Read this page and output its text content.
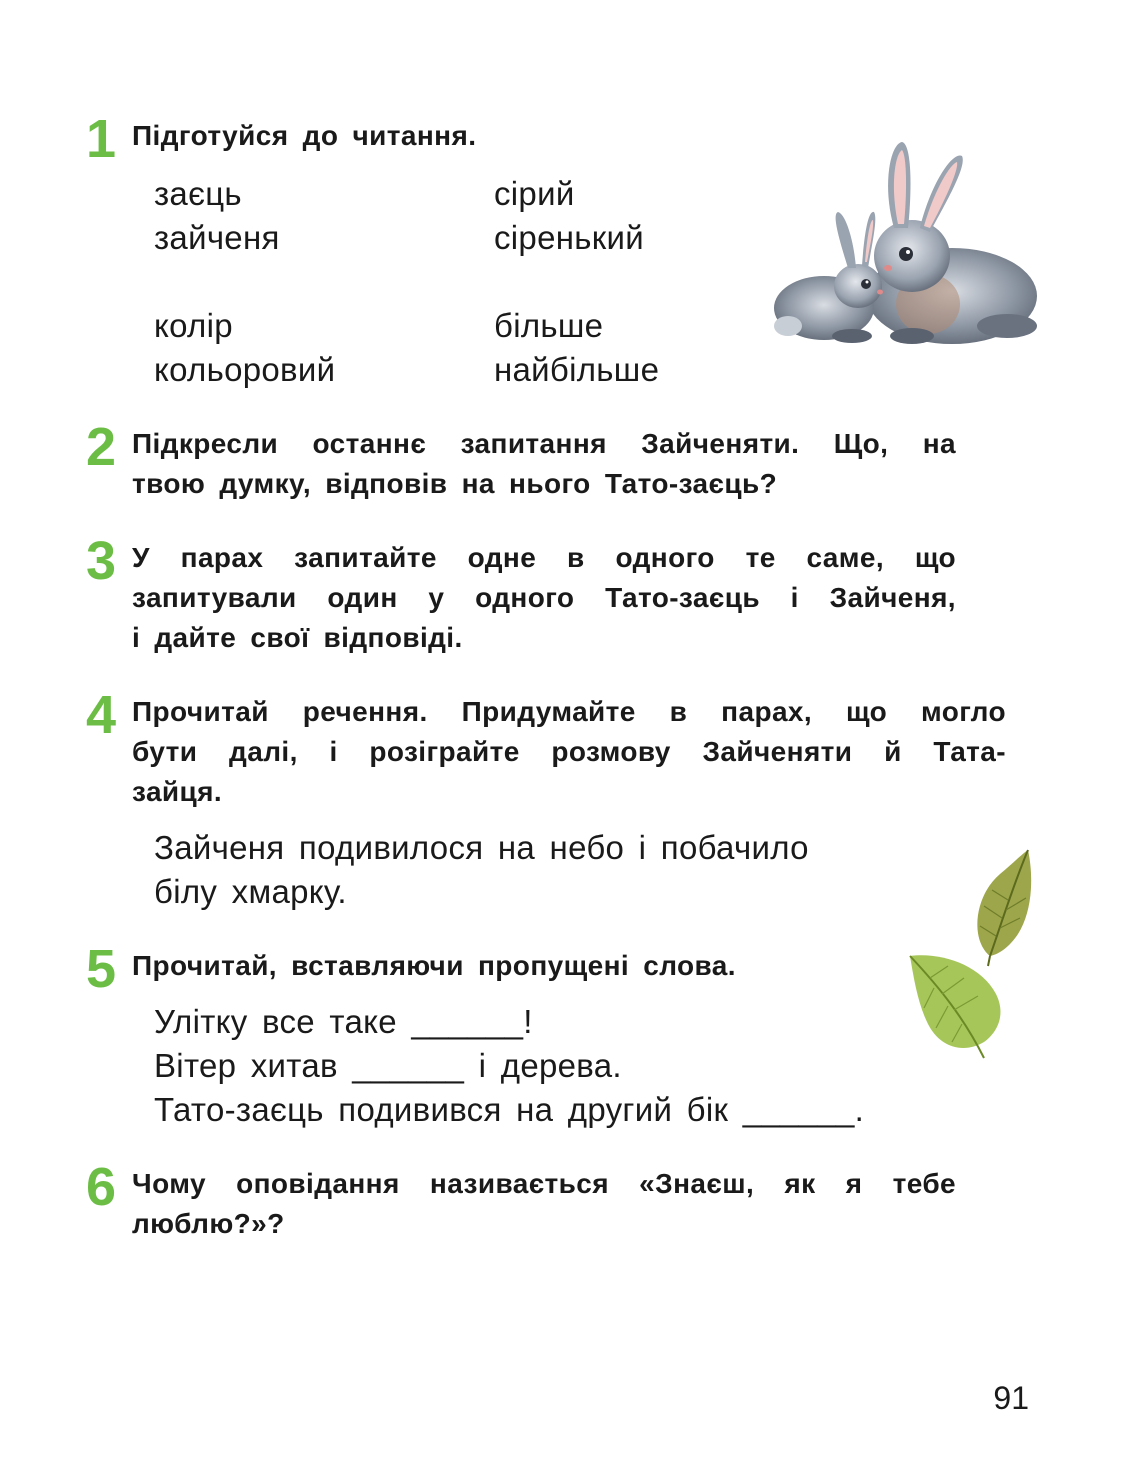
1 Підготуйся до читання.
заєць
зайченя
сірий
сіренький
колір
кольоровий
більше
найбільше
2 Підкресли останнє запитання Зайченяти. Що, на
твою думку, відповів на нього Тато-заєць?
3 У парах запитайте одне в одного те саме, що
запитували один у одного Тато-заєць і Зайченя,
і дайте свої відповіді.
4 Прочитай речення. Придумайте в парах, що могло
бути далі, і розіграйте розмову Зайченяти й Тата-
зайця.
Зайченя подивилося на небо і побачило
білу хмарку.
5 Прочитай, вставляючи пропущені слова.
Улітку все таке ______!
Вітер хитав ______ і дерева.
Тато-заєць подивився на другий бік ______.
6 Чому оповідання називається «Знаєш, як я тебе
люблю?»?
91
